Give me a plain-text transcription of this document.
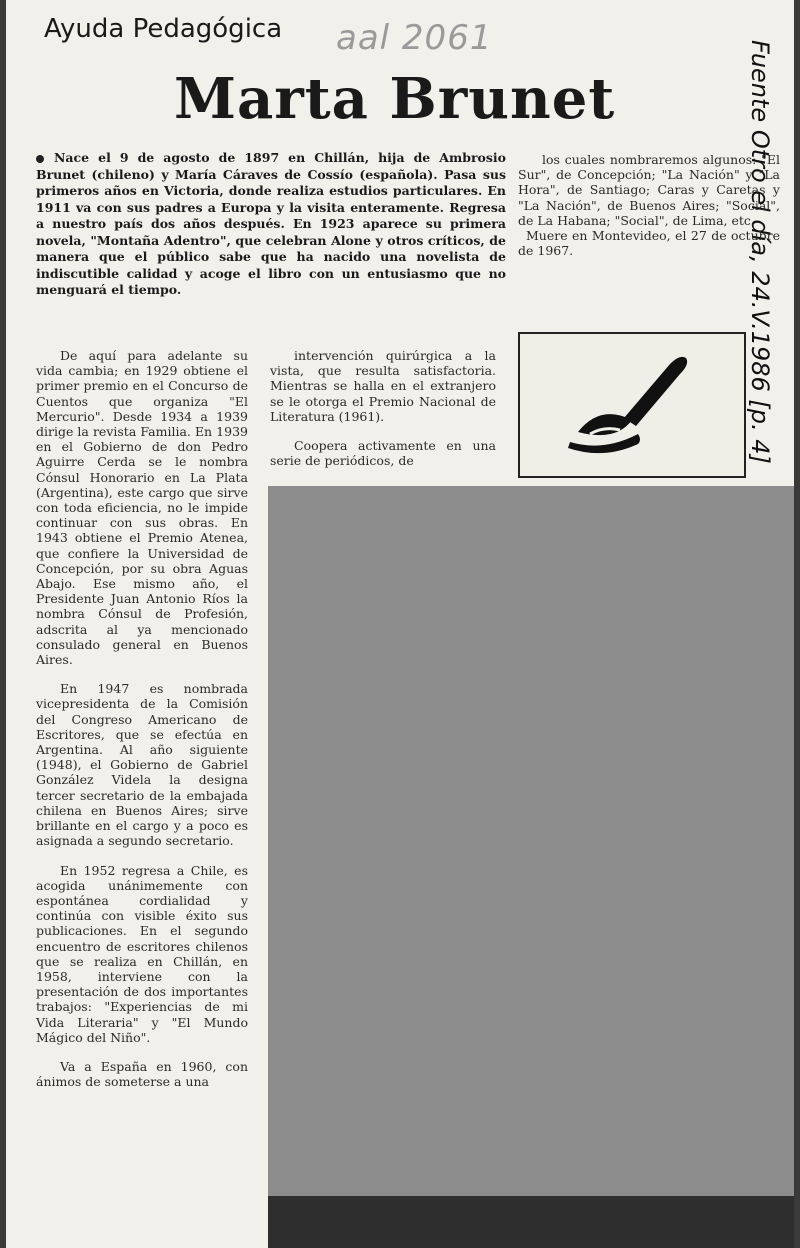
Ayuda Pedagógica aal 2061
Marta Brunet	Fuente Otro el día, 24.V.1986 [p. 4]
Nace el 9 de agosto de 1897 en Chillán, hija de Ambrosio Brunet (chileno) y María Cáraves de Cossío (española). Pasa sus primeros años en Victoria, donde realiza estudios particulares. En 1911 va con sus padres a Europa y la visita enteramente. Regresa a nuestro país dos años después. En 1923 aparece su primera novela, "Montaña Adentro", que celebran Alone y otros críticos, de manera que el público sabe que ha nacido una novelista de indiscutible calidad y acoge el libro con un entusiasmo que no menguará el tiempo.

los cuales nombraremos algunos: "El Sur", de Concepción; "La Nación" y "La Hora", de Santiago; Caras y Caretas y "La Nación", de Buenos Aires; "Social", de La Habana; "Social", de Lima, etc.

Muere en Montevideo, el 27 de octubre de 1967.

intervención quirúrgica a la vista, que resulta satisfactoria. Mientras se halla en el extranjero se le otorga el Premio Nacional de Literatura (1961).

Coopera activamente en una serie de periódicos, de

De aquí para adelante su vida cambia; en 1929 obtiene el primer premio en el Concurso de Cuentos que organiza "El Mercurio". Desde 1934 a 1939 dirige la revista Familia. En 1939 en el Gobierno de don Pedro Aguirre Cerda se le nombra Cónsul Honorario en La Plata (Argentina), este cargo que sirve con toda eficiencia, no le impide continuar con sus obras. En 1943 obtiene el Premio Atenea, que confiere la Universidad de Concepción, por su obra Aguas Abajo. Ese mismo año, el Presidente Juan Antonio Ríos la nombra Cónsul de Profesión, adscrita al ya mencionado consulado general en Buenos Aires.

En 1947 es nombrada vicepresidenta de la Comisión del Congreso Americano de Escritores, que se efectúa en Argentina. Al año siguiente (1948), el Gobierno de Gabriel González Videla la designa tercer secretario de la embajada chilena en Buenos Aires; sirve brillante en el cargo y a poco es asignada a segundo secretario.

En 1952 regresa a Chile, es acogida unánimemente con espontánea cordialidad y continúa con visible éxito sus publicaciones. En el segundo encuentro de escritores chilenos que se realiza en Chillán, en 1958, interviene con la presentación de dos importantes trabajos: "Experiencias de mi Vida Literaria" y "El Mundo Mágico del Niño".

Va a España en 1960, con ánimos de someterse a una
